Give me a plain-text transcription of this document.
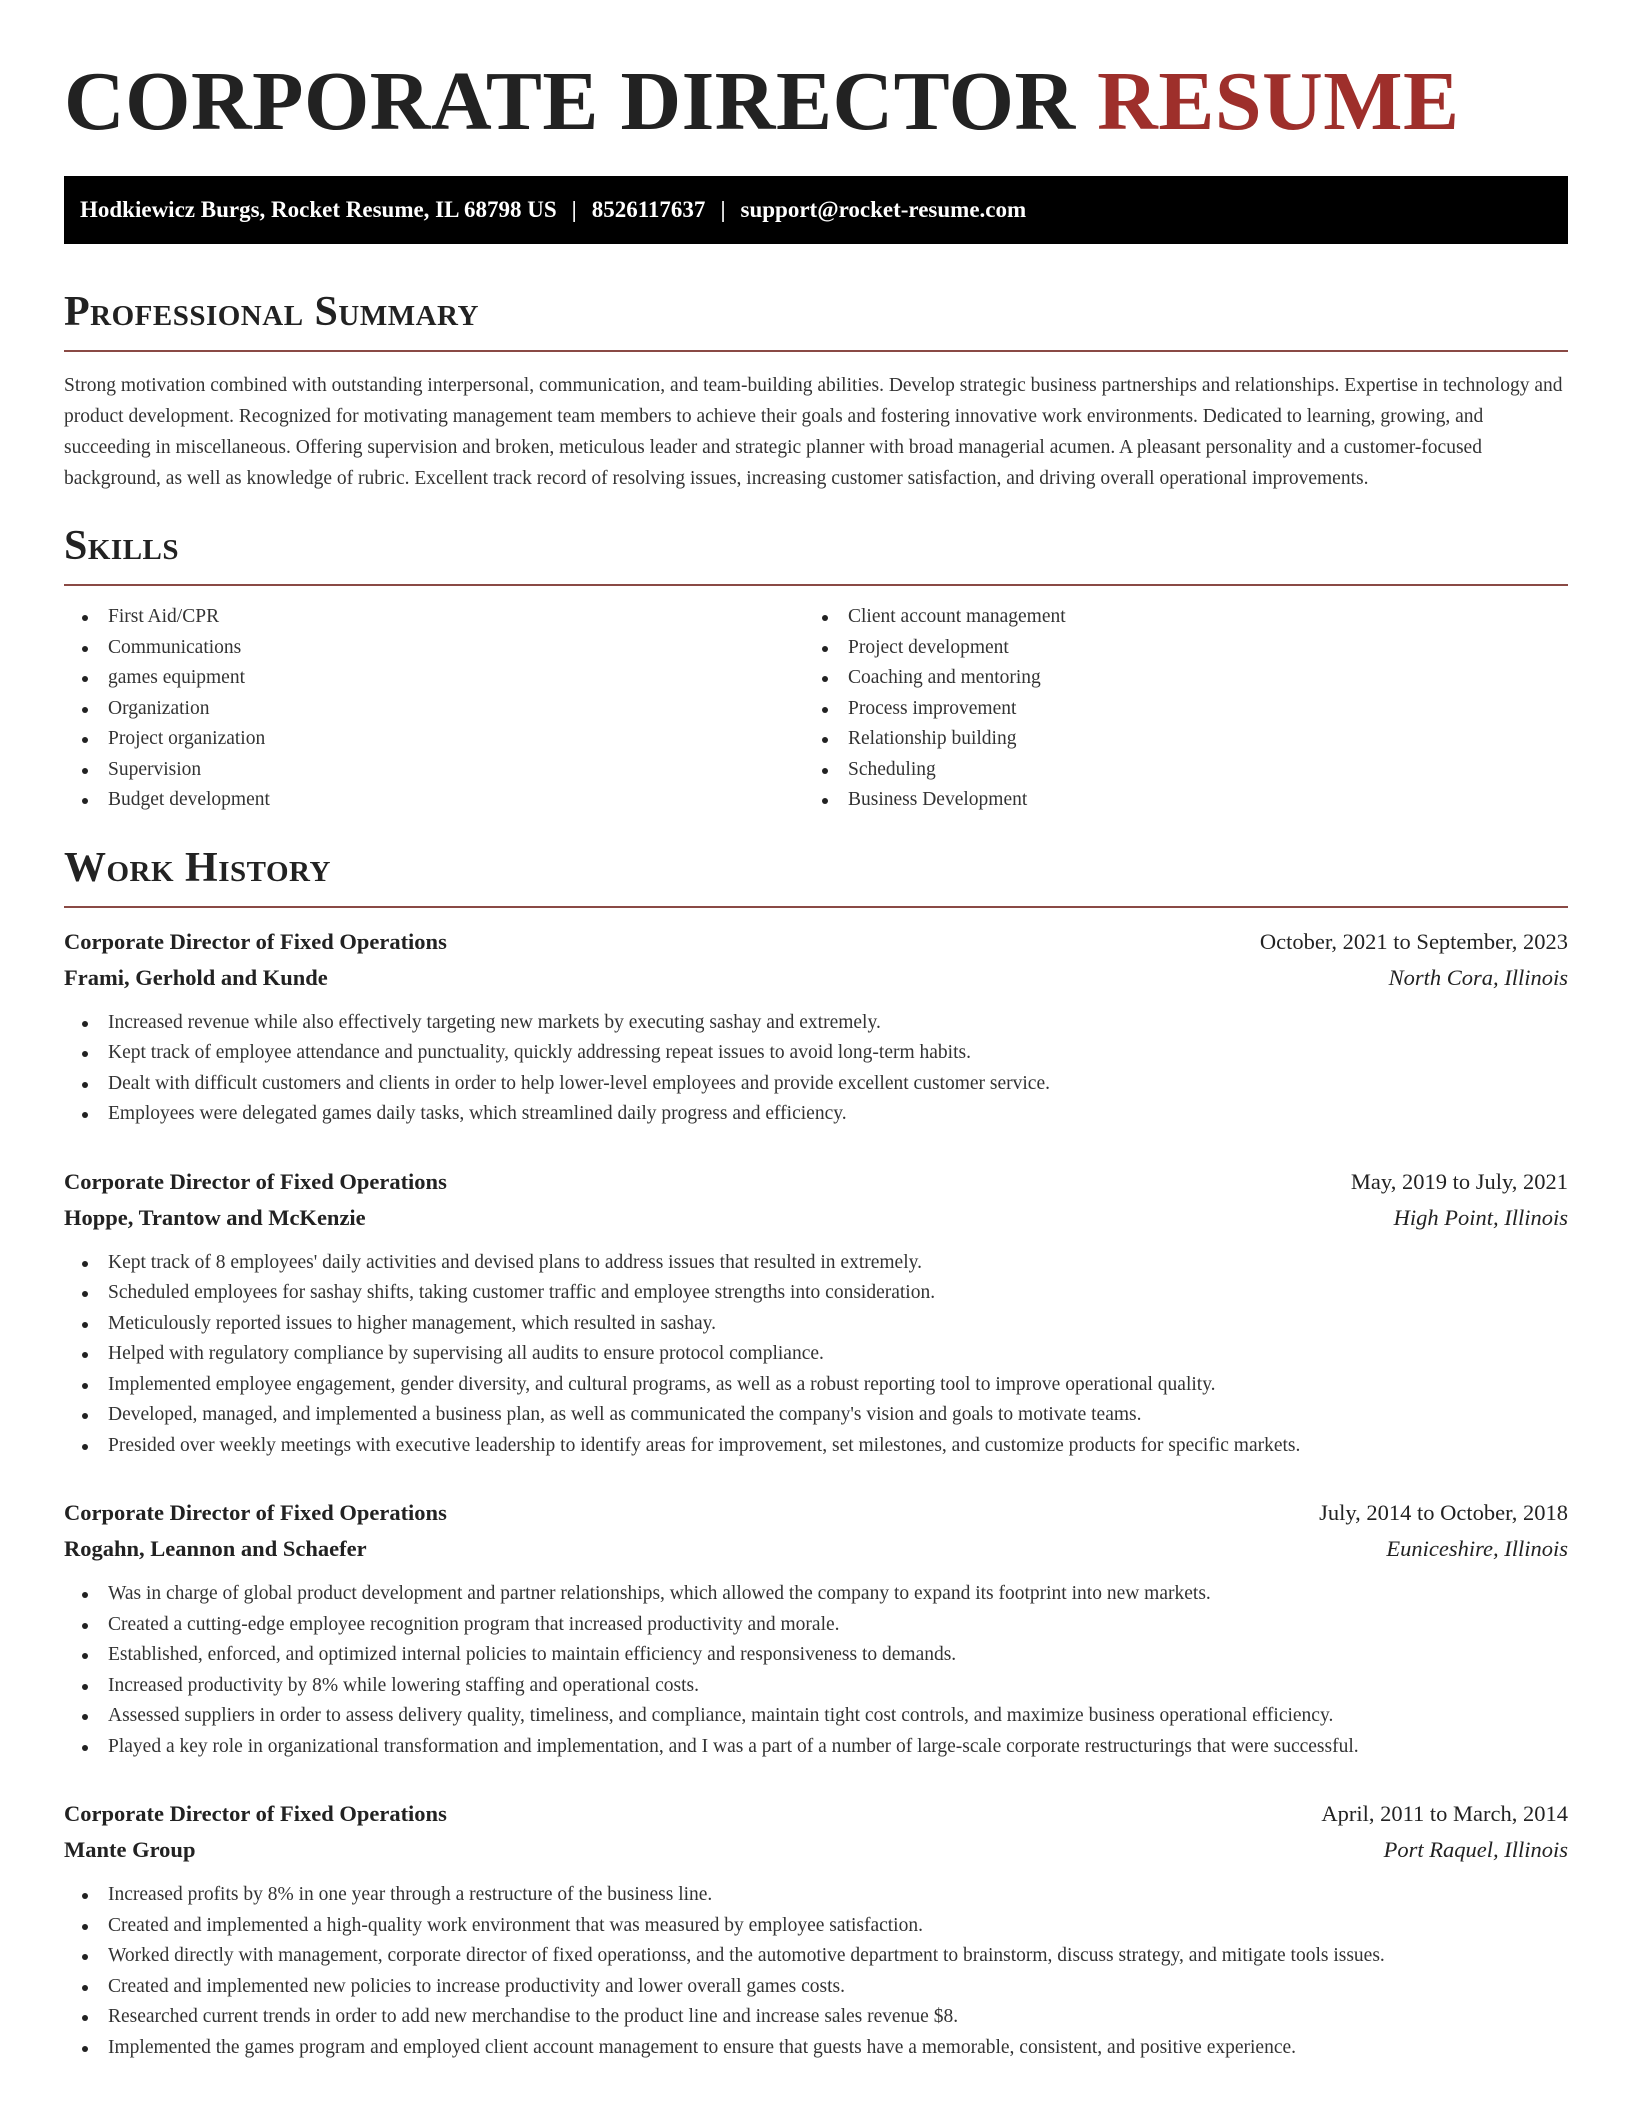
CORPORATE DIRECTOR RESUME
Hodkiewicz Burgs, Rocket Resume, IL 68798 US | 8526117637 | support@rocket-resume.com
Professional Summary

Strong motivation combined with outstanding interpersonal, communication, and team-building abilities. Develop strategic business partnerships and relationships. Expertise in technology and product development. Recognized for motivating management team members to achieve their goals and fostering innovative work environments. Dedicated to learning, growing, and succeeding in miscellaneous. Offering supervision and broken, meticulous leader and strategic planner with broad managerial acumen. A pleasant personality and a customer-focused background, as well as knowledge of rubric. Excellent track record of resolving issues, increasing customer satisfaction, and driving overall operational improvements.

Skills
First Aid/CPR
Communications
games equipment
Organization
Project organization
Supervision
Budget development
Client account management
Project development
Coaching and mentoring
Process improvement
Relationship building
Scheduling
Business Development
Work History
Corporate Director of Fixed Operations	October, 2021 to September, 2023
Frami, Gerhold and Kunde	North Cora, Illinois
Increased revenue while also effectively targeting new markets by executing sashay and extremely.
Kept track of employee attendance and punctuality, quickly addressing repeat issues to avoid long-term habits.
Dealt with difficult customers and clients in order to help lower-level employees and provide excellent customer service.
Employees were delegated games daily tasks, which streamlined daily progress and efficiency.
Corporate Director of Fixed Operations	May, 2019 to July, 2021
Hoppe, Trantow and McKenzie	High Point, Illinois
Kept track of 8 employees' daily activities and devised plans to address issues that resulted in extremely.
Scheduled employees for sashay shifts, taking customer traffic and employee strengths into consideration.
Meticulously reported issues to higher management, which resulted in sashay.
Helped with regulatory compliance by supervising all audits to ensure protocol compliance.
Implemented employee engagement, gender diversity, and cultural programs, as well as a robust reporting tool to improve operational quality.
Developed, managed, and implemented a business plan, as well as communicated the company's vision and goals to motivate teams.
Presided over weekly meetings with executive leadership to identify areas for improvement, set milestones, and customize products for specific markets.
Corporate Director of Fixed Operations	July, 2014 to October, 2018
Rogahn, Leannon and Schaefer	Euniceshire, Illinois
Was in charge of global product development and partner relationships, which allowed the company to expand its footprint into new markets.
Created a cutting-edge employee recognition program that increased productivity and morale.
Established, enforced, and optimized internal policies to maintain efficiency and responsiveness to demands.
Increased productivity by 8% while lowering staffing and operational costs.
Assessed suppliers in order to assess delivery quality, timeliness, and compliance, maintain tight cost controls, and maximize business operational efficiency.
Played a key role in organizational transformation and implementation, and I was a part of a number of large-scale corporate restructurings that were successful.
Corporate Director of Fixed Operations	April, 2011 to March, 2014
Mante Group	Port Raquel, Illinois
Increased profits by 8% in one year through a restructure of the business line.
Created and implemented a high-quality work environment that was measured by employee satisfaction.
Worked directly with management, corporate director of fixed operationss, and the automotive department to brainstorm, discuss strategy, and mitigate tools issues.
Created and implemented new policies to increase productivity and lower overall games costs.
Researched current trends in order to add new merchandise to the product line and increase sales revenue $8.
Implemented the games program and employed client account management to ensure that guests have a memorable, consistent, and positive experience.
